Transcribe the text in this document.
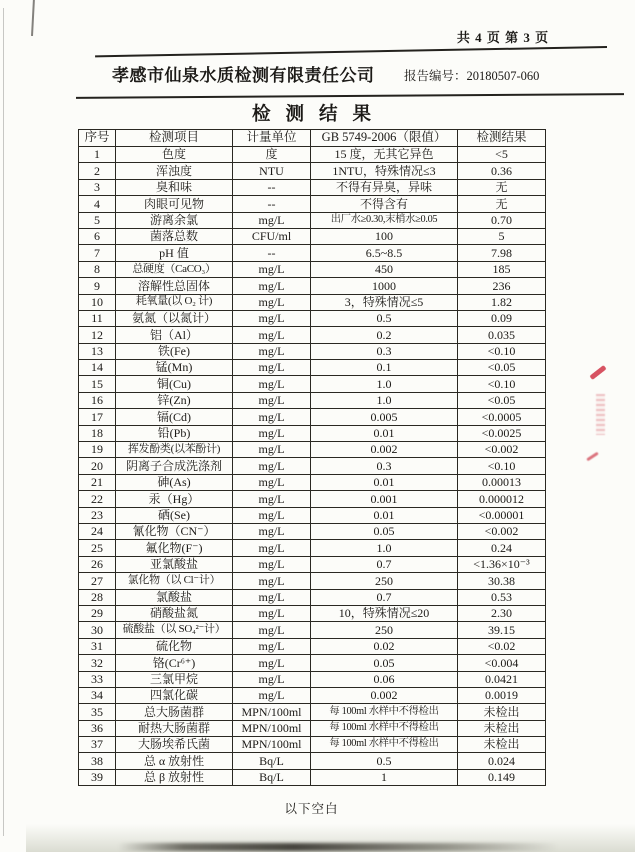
共 4 页 第 3 页
孝感市仙泉水质检测有限责任公司 报告编号：20180507-060
检测结果
序号	检测项目	计量单位	GB 5749-2006（限值）	检测结果
1	色度	度	15 度，无其它异色	<5
2	浑浊度	NTU	1NTU，特殊情况≤3	0.36
3	臭和味	--	不得有异臭，异味	无
4	肉眼可见物	--	不得含有	无
5	游离余氯	mg/L	出厂水≥0.30,末梢水≥0.05	0.70
6	菌落总数	CFU/ml	100	5
7	pH 值	--	6.5~8.5	7.98
8	总硬度（CaCO₃）	mg/L	450	185
9	溶解性总固体	mg/L	1000	236
10	耗氧量(以 O₂ 计)	mg/L	3，特殊情况≤5	1.82
11	氨氮（以氮计）	mg/L	0.5	0.09
12	铝（Al）	mg/L	0.2	0.035
13	铁(Fe)	mg/L	0.3	<0.10
14	锰(Mn)	mg/L	0.1	<0.05
15	铜(Cu)	mg/L	1.0	<0.10
16	锌(Zn)	mg/L	1.0	<0.05
17	镉(Cd)	mg/L	0.005	<0.0005
18	铅(Pb)	mg/L	0.01	<0.0025
19	挥发酚类(以苯酚计)	mg/L	0.002	<0.002
20	阴离子合成洗涤剂	mg/L	0.3	<0.10
21	砷(As)	mg/L	0.01	0.00013
22	汞（Hg）	mg/L	0.001	0.000012
23	硒(Se)	mg/L	0.01	<0.00001
24	氰化物（CN⁻）	mg/L	0.05	<0.002
25	氟化物(F⁻)	mg/L	1.0	0.24
26	亚氯酸盐	mg/L	0.7	<1.36×10⁻³
27	氯化物（以 Cl⁻计）	mg/L	250	30.38
28	氯酸盐	mg/L	0.7	0.53
29	硝酸盐氮	mg/L	10，特殊情况≤20	2.30
30	硫酸盐（以 SO₄²⁻计）	mg/L	250	39.15
31	硫化物	mg/L	0.02	<0.02
32	铬(Cr⁶⁺)	mg/L	0.05	<0.004
33	三氯甲烷	mg/L	0.06	0.0421
34	四氯化碳	mg/L	0.002	0.0019
35	总大肠菌群	MPN/100ml	每 100ml 水样中不得检出	未检出
36	耐热大肠菌群	MPN/100ml	每 100ml 水样中不得检出	未检出
37	大肠埃希氏菌	MPN/100ml	每 100ml 水样中不得检出	未检出
38	总 α 放射性	Bq/L	0.5	0.024
39	总 β 放射性	Bq/L	1	0.149
以下空白
